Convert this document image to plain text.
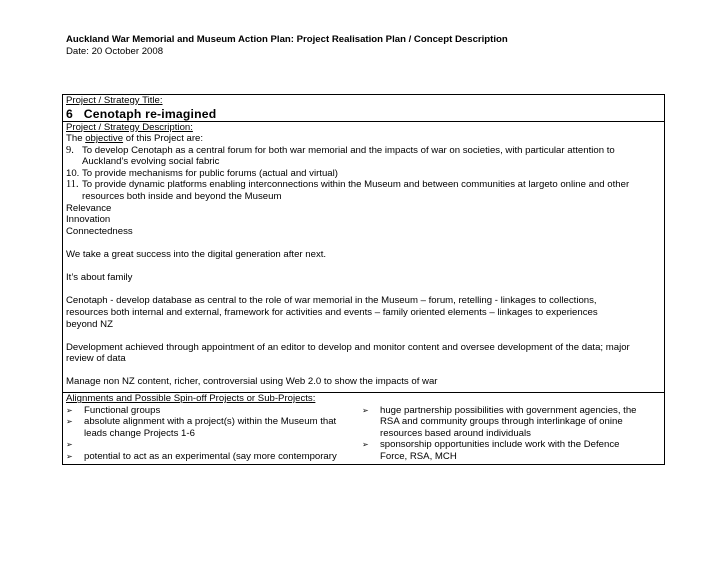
Auckland War Memorial and Museum Action Plan: Project Realisation Plan / Concept Description
Date: 20 October 2008
Project / Strategy Title:
6 Cenotaph re-imagined
Project / Strategy Description:
The objective of this Project are:
9. To develop Cenotaph as a central forum for both war memorial and the impacts of war on societies, with particular attention to
Auckland’s evolving social fabric
10. To provide mechanisms for public forums (actual and virtual)
11. To provide dynamic platforms enabling interconnections within the Museum and between communities at largeto online and other
resources both inside and beyond the Museum
Relevance
Innovation
Connectedness
We take a great success into the digital generation after next.
It’s about family
Cenotaph - develop database as central to the role of war memorial in the Museum – forum, retelling - linkages to collections,
resources both internal and external, framework for activities and events – family oriented elements – linkages to experiences
beyond NZ
Development achieved through appointment of an editor to develop and monitor content and oversee development of the data; major
review of data
Manage non NZ content, richer, controversial using Web 2.0 to show the impacts of war
Alignments and Possible Spin-off Projects or Sub-Projects:
➢	Functional groups
➢	absolute alignment with a project(s) within the Museum that
leads change Projects 1-6
➢
➢	potential to act as an experimental (say more contemporary
➢	huge partnership possibilities with government agencies, the
RSA and community groups through interlinkage of onine
resources based around individuals
➢	sponsorship opportunities include work with the Defence
Force, RSA, MCH
